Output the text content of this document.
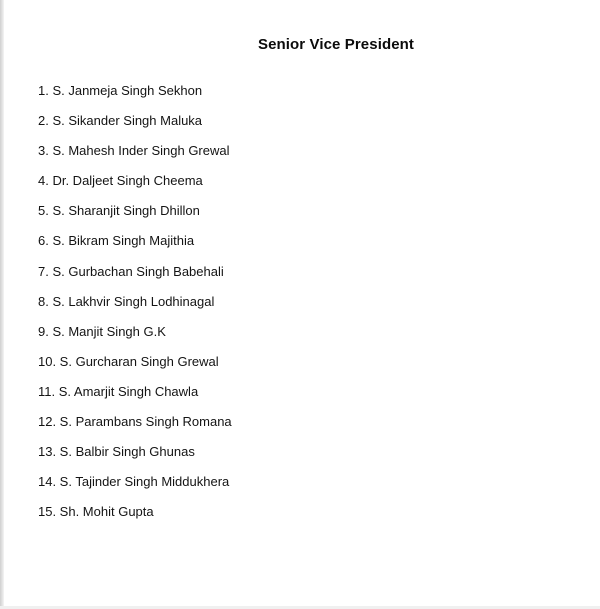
Senior Vice President
1. S. Janmeja Singh Sekhon
2. S. Sikander Singh Maluka
3. S. Mahesh Inder Singh Grewal
4. Dr. Daljeet Singh Cheema
5. S. Sharanjit Singh Dhillon
6. S. Bikram Singh Majithia
7. S. Gurbachan Singh Babehali
8. S. Lakhvir Singh Lodhinagal
9. S. Manjit Singh G.K
10. S. Gurcharan Singh Grewal
11. S. Amarjit Singh Chawla
12. S. Parambans Singh Romana
13. S. Balbir Singh Ghunas
14. S. Tajinder Singh Middukhera
15. Sh. Mohit Gupta
